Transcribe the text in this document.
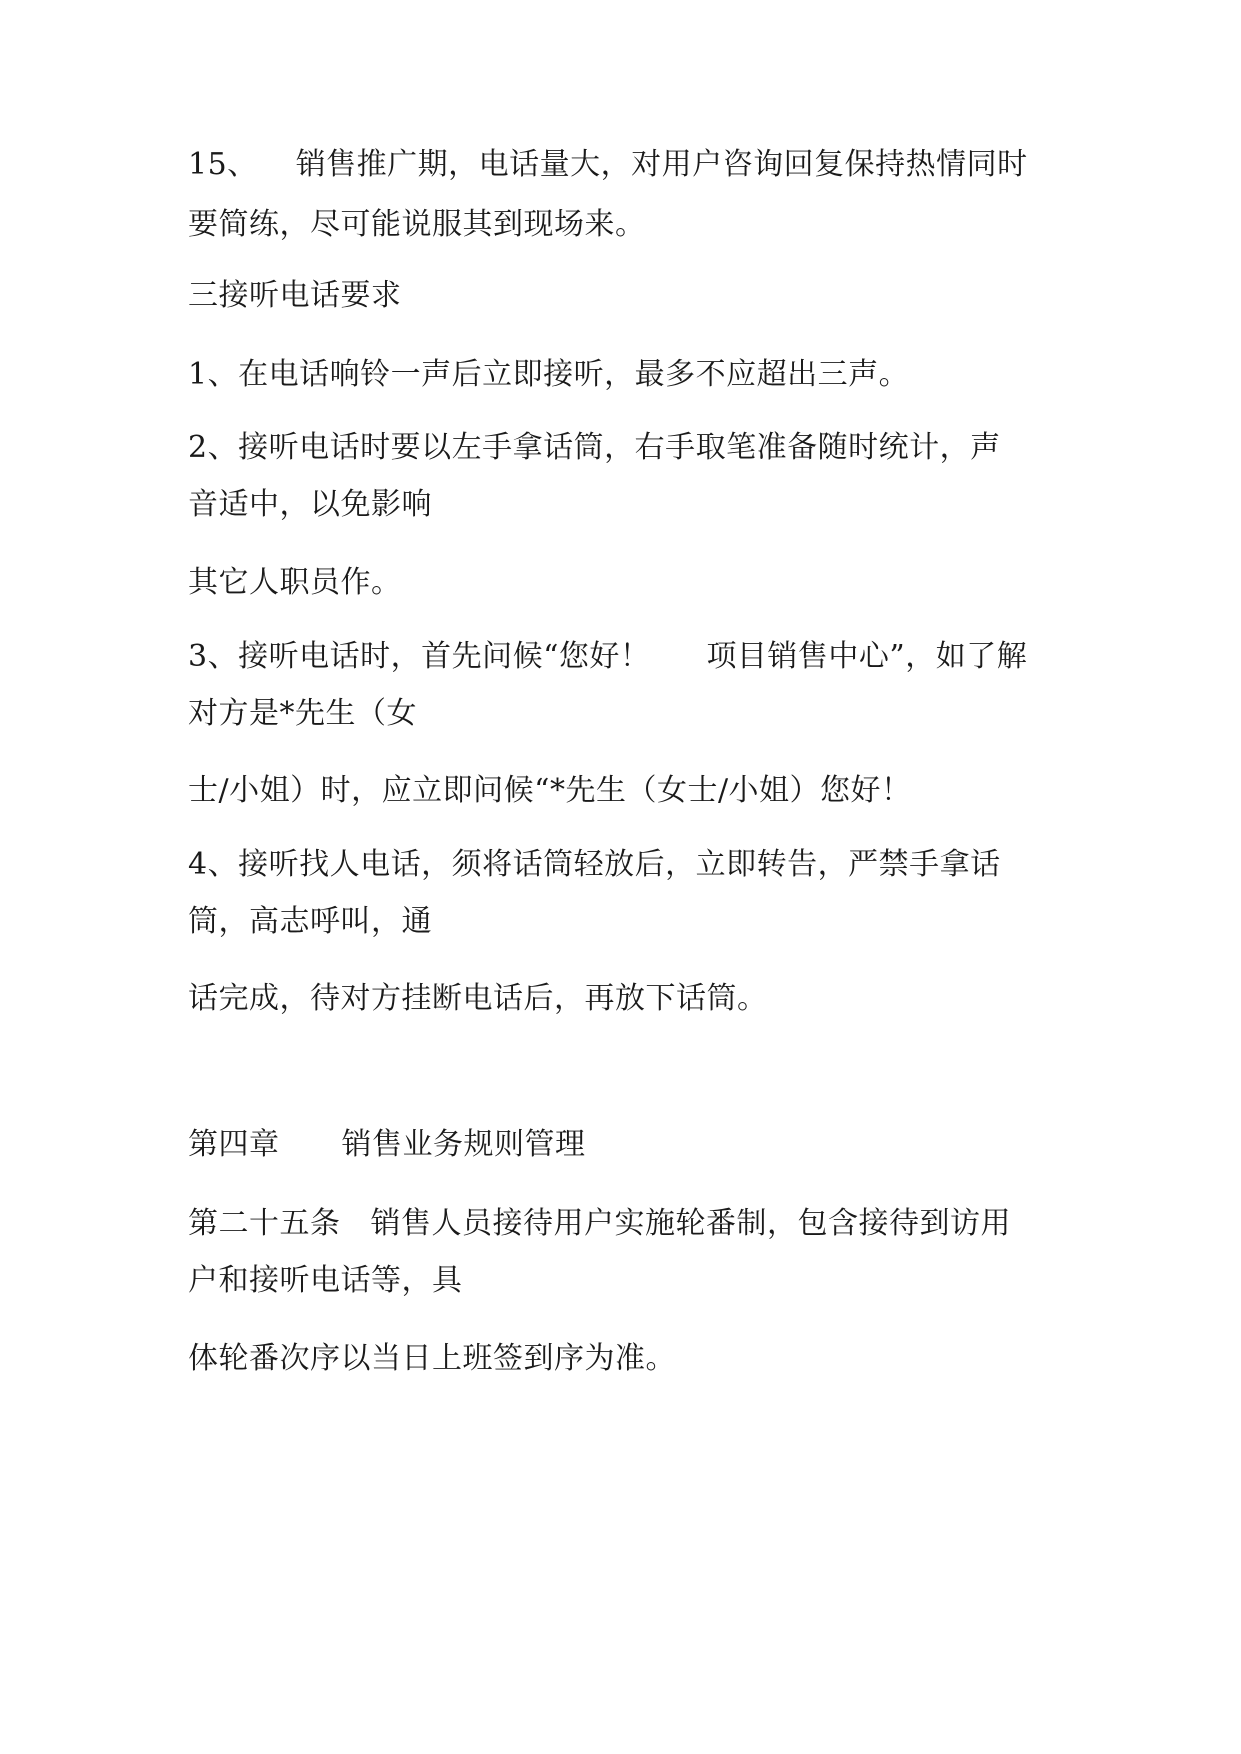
15、 销售推广期，电话量大，对用户咨询回复保持热情同时
要简练，尽可能说服其到现场来。
三接听电话要求
1、在电话响铃一声后立即接听，最多不应超出三声。
2、接听电话时要以左手拿话筒，右手取笔准备随时统计，声
音适中，以免影响
其它人职员作。
3、接听电话时，首先问候“您好！ 项目销售中心”，如了解
对方是*先生（女
士/小姐）时，应立即问候“*先生（女士/小姐）您好！
4、接听找人电话，须将话筒轻放后，立即转告，严禁手拿话
筒，高志呼叫，通
话完成，待对方挂断电话后，再放下话筒。
第四章 销售业务规则管理
第二十五条 销售人员接待用户实施轮番制，包含接待到访用
户和接听电话等，具
体轮番次序以当日上班签到序为准。
